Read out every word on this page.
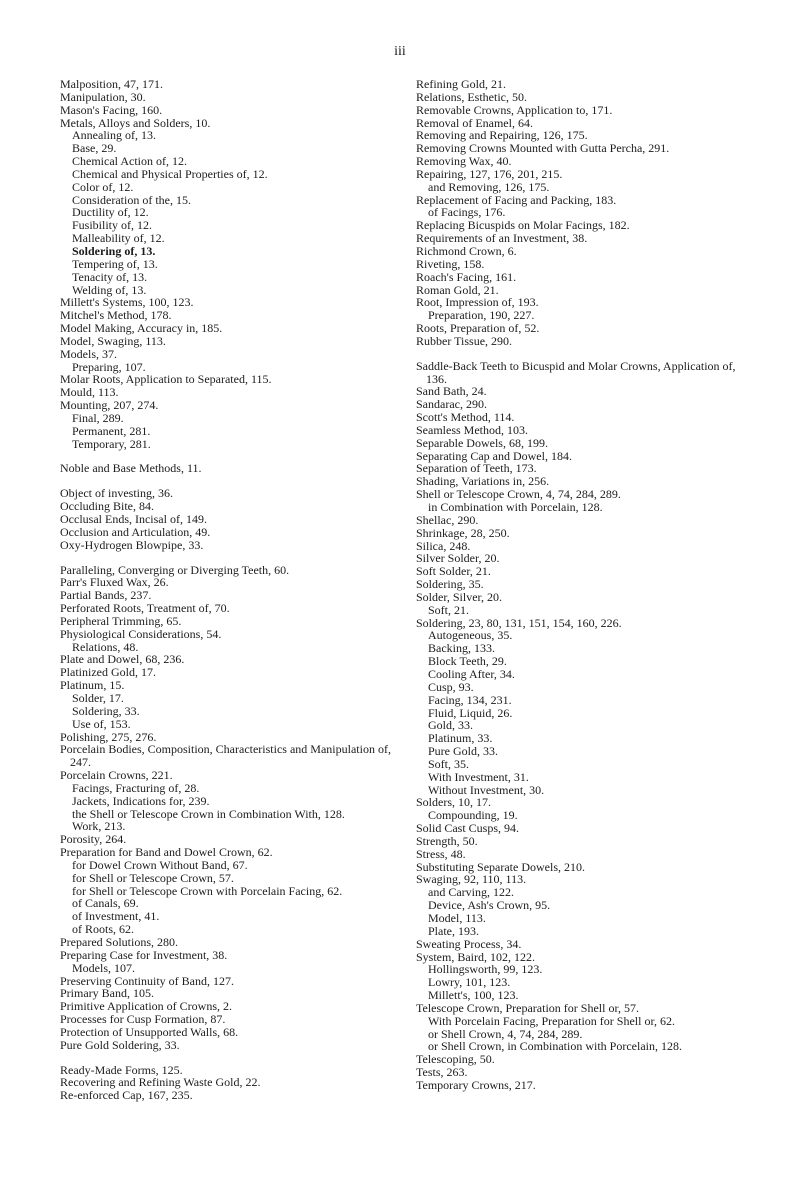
iii

Malposition, 47, 171.

Manipulation, 30.

Mason's Facing, 160.

Metals, Alloys and Solders, 10.

Annealing of, 13.

Base, 29.

Chemical Action of, 12.

Chemical and Physical Properties of, 12.

Color of, 12.

Consideration of the, 15.

Ductility of, 12.

Fusibility of, 12.

Malleability of, 12.

Soldering of, 13.

Tempering of, 13.

Tenacity of, 13.

Welding of, 13.

Millett's Systems, 100, 123.

Mitchel's Method, 178.

Model Making, Accuracy in, 185.

Model, Swaging, 113.

Models, 37.

Preparing, 107.

Molar Roots, Application to Separated, 115.

Mould, 113.

Mounting, 207, 274.

Final, 289.

Permanent, 281.

Temporary, 281.

Noble and Base Methods, 11.

Object of investing, 36.

Occluding Bite, 84.

Occlusal Ends, Incisal of, 149.

Occlusion and Articulation, 49.

Oxy-Hydrogen Blowpipe, 33.

Paralleling, Converging or Diverging Teeth, 60.

Parr's Fluxed Wax, 26.

Partial Bands, 237.

Perforated Roots, Treatment of, 70.

Peripheral Trimming, 65.

Physiological Considerations, 54.

Relations, 48.

Plate and Dowel, 68, 236.

Platinized Gold, 17.

Platinum, 15.

Solder, 17.

Soldering, 33.

Use of, 153.

Polishing, 275, 276.

Porcelain Bodies, Composition, Characteristics and Manipulation of, 247.

Porcelain Crowns, 221.

Facings, Fracturing of, 28.

Jackets, Indications for, 239.

the Shell or Telescope Crown in Combination With, 128.

Work, 213.

Porosity, 264.

Preparation for Band and Dowel Crown, 62.

for Dowel Crown Without Band, 67.

for Shell or Telescope Crown, 57.

for Shell or Telescope Crown with Porcelain Facing, 62.

of Canals, 69.

of Investment, 41.

of Roots, 62.

Prepared Solutions, 280.

Preparing Case for Investment, 38.

Models, 107.

Preserving Continuity of Band, 127.

Primary Band, 105.

Primitive Application of Crowns, 2.

Processes for Cusp Formation, 87.

Protection of Unsupported Walls, 68.

Pure Gold Soldering, 33.

Ready-Made Forms, 125.

Recovering and Refining Waste Gold, 22.

Re-enforced Cap, 167, 235.

Refining Gold, 21.

Relations, Esthetic, 50.

Removable Crowns, Application to, 171.

Removal of Enamel, 64.

Removing and Repairing, 126, 175.

Removing Crowns Mounted with Gutta Percha, 291.

Removing Wax, 40.

Repairing, 127, 176, 201, 215.

and Removing, 126, 175.

Replacement of Facing and Packing, 183.

of Facings, 176.

Replacing Bicuspids on Molar Facings, 182.

Requirements of an Investment, 38.

Richmond Crown, 6.

Riveting, 158.

Roach's Facing, 161.

Roman Gold, 21.

Root, Impression of, 193.

Preparation, 190, 227.

Roots, Preparation of, 52.

Rubber Tissue, 290.

Saddle-Back Teeth to Bicuspid and Molar Crowns, Application of, 136.

Sand Bath, 24.

Sandarac, 290.

Scott's Method, 114.

Seamless Method, 103.

Separable Dowels, 68, 199.

Separating Cap and Dowel, 184.

Separation of Teeth, 173.

Shading, Variations in, 256.

Shell or Telescope Crown, 4, 74, 284, 289.

in Combination with Porcelain, 128.

Shellac, 290.

Shrinkage, 28, 250.

Silica, 248.

Silver Solder, 20.

Soft Solder, 21.

Soldering, 35.

Solder, Silver, 20.

Soft, 21.

Soldering, 23, 80, 131, 151, 154, 160, 226.

Autogeneous, 35.

Backing, 133.

Block Teeth, 29.

Cooling After, 34.

Cusp, 93.

Facing, 134, 231.

Fluid, Liquid, 26.

Gold, 33.

Platinum, 33.

Pure Gold, 33.

Soft, 35.

With Investment, 31.

Without Investment, 30.

Solders, 10, 17.

Compounding, 19.

Solid Cast Cusps, 94.

Strength, 50.

Stress, 48.

Substituting Separate Dowels, 210.

Swaging, 92, 110, 113.

and Carving, 122.

Device, Ash's Crown, 95.

Model, 113.

Plate, 193.

Sweating Process, 34.

System, Baird, 102, 122.

Hollingsworth, 99, 123.

Lowry, 101, 123.

Millett's, 100, 123.

Telescope Crown, Preparation for Shell or, 57.

With Porcelain Facing, Preparation for Shell or, 62.

or Shell Crown, 4, 74, 284, 289.

or Shell Crown, in Combination with Porcelain, 128.

Telescoping, 50.

Tests, 263.

Temporary Crowns, 217.
